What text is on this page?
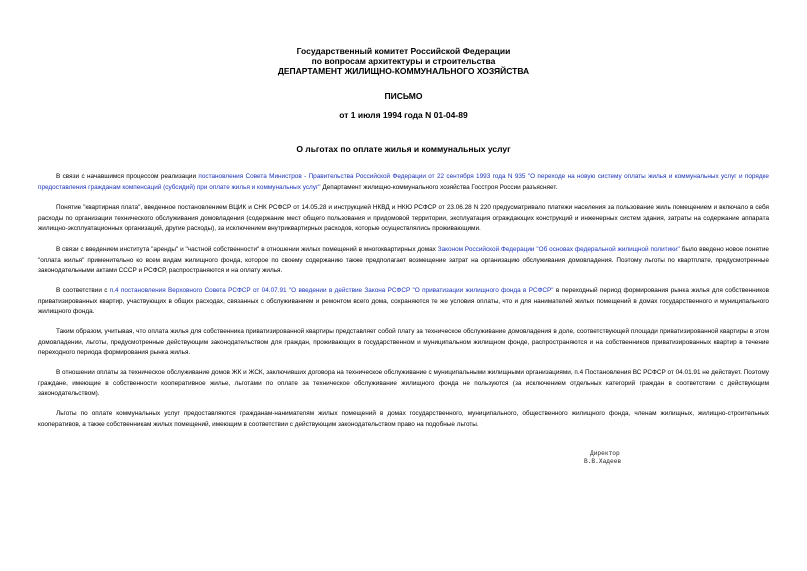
Государственный комитет Российской Федерации
по вопросам архитектуры и строительства
ДЕПАРТАМЕНТ ЖИЛИЩНО-КОММУНАЛЬНОГО ХОЗЯЙСТВА
ПИСЬМО
от 1 июля 1994 года N 01-04-89
О льготах по оплате жилья и коммунальных услуг
В связи с начавшимся процессом реализации постановления Совета Министров - Правительства Российской Федерации от 22 сентября 1993 года N 935 "О переходе на новую систему оплаты жилья и коммунальных услуг и порядке предоставления гражданам компенсаций (субсидий) при оплате жилья и коммунальных услуг" Департамент жилищно-коммунального хозяйства Госстроя России разъясняет.
Понятие "квартирная плата", введенное постановлением ВЦИК и СНК РСФСР от 14.05.28 и инструкцией НКВД и НКЮ РСФСР от 23.06.28 N 220 предусматривало платежи населения за пользование жиль помещением и включало в себя расходы по организации технического обслуживания домовладения (содержание мест общего пользования и придомовой территории, эксплуатация ограждающих конструкций и инженерных систем здания, затраты на содержание аппарата жилищно-эксплуатационных организаций, другие расходы), за исключением внутриквартирных расходов, которые осуществлялись проживающими.
В связи с введением института "аренды" и "частной собственности" в отношении жилых помещений в многоквартирных домах Законом Российской Федерации "Об основах федеральной жилищной политики" было введено новое понятие "оплата жилья" применительно ко всем видам жилищного фонда, которое по своему содержанию также предполагает возмещение затрат на организацию обслуживания домовладения. Поэтому льготы по квартплате, предусмотренные законодательными актами СССР и РСФСР, распространяются и на оплату жилья.
В соответствии с п.4 постановления Верховного Совета РСФСР от 04.07.91 "О введении в действие Закона РСФСР "О приватизации жилищного фонда в РСФСР" в переходный период формирования рынка жилья для собственников приватизированных квартир, участвующих в общих расходах, связанных с обслуживанием и ремонтом всего дома, сохраняются те же условия оплаты, что и для нанимателей жилых помещений в домах государственного и муниципального жилищного фонда.
Таким образом, учитывая, что оплата жилья для собственника приватизированной квартиры представляет собой плату за техническое обслуживание домовладения в доле, соответствующей площади приватизированной квартиры в этом домовладении, льготы, предусмотренные действующим законодательством для граждан, проживающих в государственном и муниципальном жилищном фонде, распространяются и на собственников приватизированных квартир в течение переходного периода формирования рынка жилья.
В отношении оплаты за техническое обслуживание домов ЖК и ЖСК, заключивших договора на техническое обслуживание с муниципальными жилищными организациями, п.4 Постановления ВС РСФСР от 04.01.91 не действует. Поэтому граждане, имеющие в собственности кооперативное жилье, льготами по оплате за техническое обслуживание жилищного фонда не пользуются (за исключением отдельных категорий граждан в соответствии с действующим законодательством).
Льготы по оплате коммунальных услуг предоставляются гражданам-нанимателям жилых помещений в домах государственного, муниципального, общественного жилищного фонда, членам жилищных, жилищно-строительных кооперативов, а также собственникам жилых помещений, имеющим в соответствии с действующим законодательством право на подобные льготы.
Директор
В.В.Хадеев
